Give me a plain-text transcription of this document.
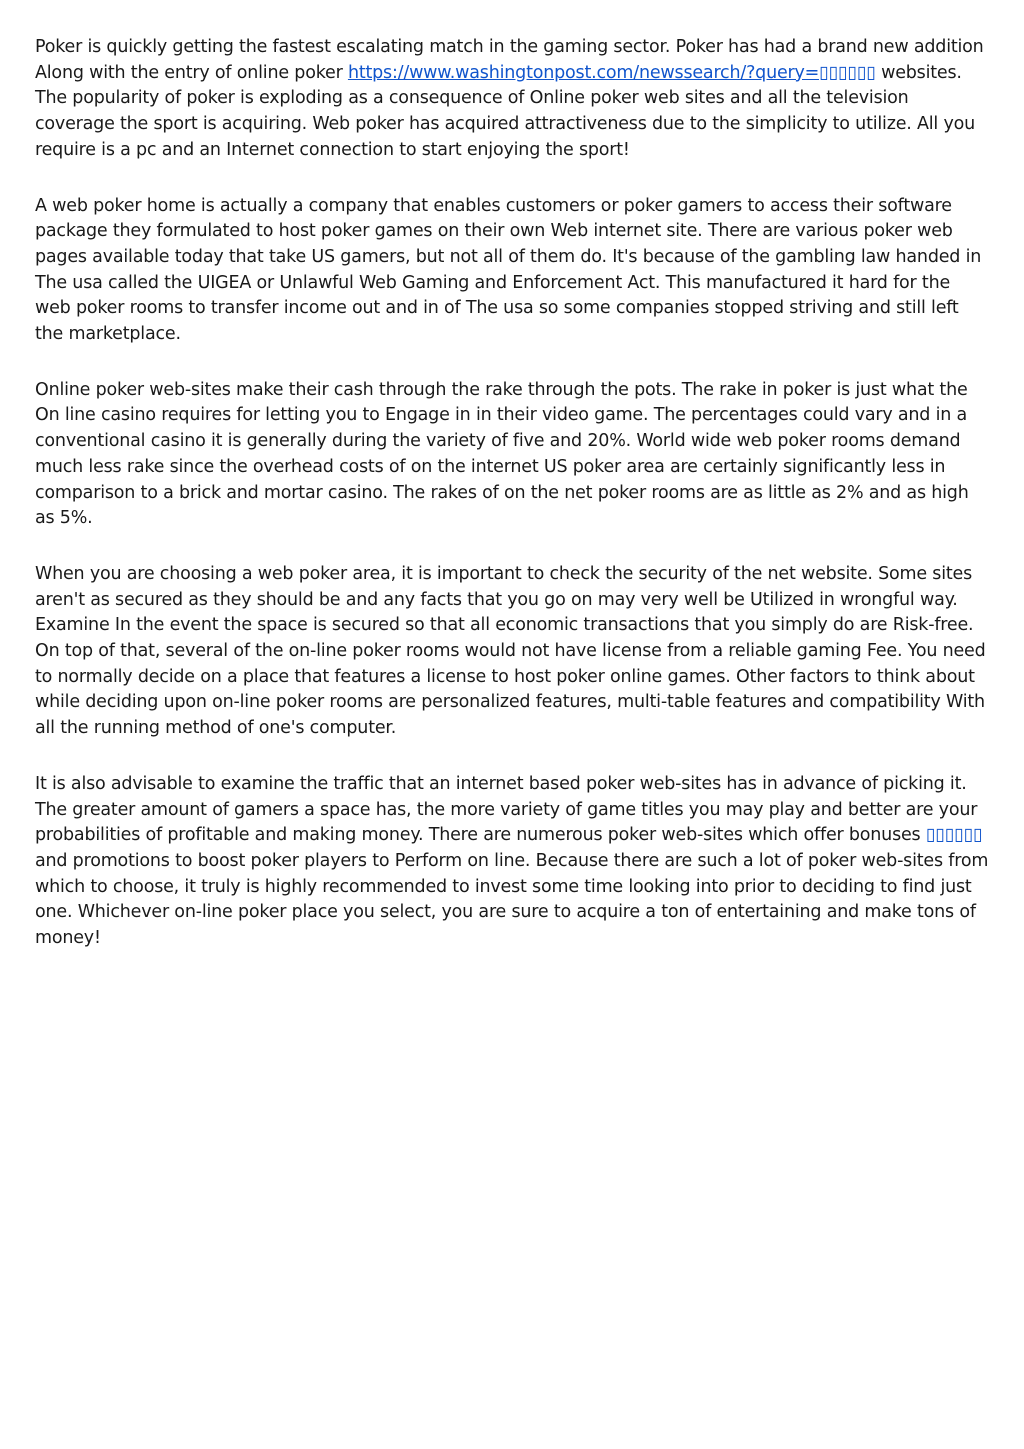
Poker is quickly getting the fastest escalating match in the gaming sector. Poker has had a brand new addition Along with the entry of online poker https://www.washingtonpost.com/newssearch/?query=▯▯▯▯▯▯ websites. The popularity of poker is exploding as a consequence of Online poker web sites and all the television coverage the sport is acquiring. Web poker has acquired attractiveness due to the simplicity to utilize. All you require is a pc and an Internet connection to start enjoying the sport!

A web poker home is actually a company that enables customers or poker gamers to access their software package they formulated to host poker games on their own Web internet site. There are various poker web pages available today that take US gamers, but not all of them do. It's because of the gambling law handed in The usa called the UIGEA or Unlawful Web Gaming and Enforcement Act. This manufactured it hard for the web poker rooms to transfer income out and in of The usa so some companies stopped striving and still left the marketplace.

Online poker web-sites make their cash through the rake through the pots. The rake in poker is just what the On line casino requires for letting you to Engage in in their video game. The percentages could vary and in a conventional casino it is generally during the variety of five and 20%. World wide web poker rooms demand much less rake since the overhead costs of on the internet US poker area are certainly significantly less in comparison to a brick and mortar casino. The rakes of on the net poker rooms are as little as 2% and as high as 5%.

When you are choosing a web poker area, it is important to check the security of the net website. Some sites aren't as secured as they should be and any facts that you go on may very well be Utilized in wrongful way. Examine In the event the space is secured so that all economic transactions that you simply do are Risk-free. On top of that, several of the on-line poker rooms would not have license from a reliable gaming Fee. You need to normally decide on a place that features a license to host poker online games. Other factors to think about while deciding upon on-line poker rooms are personalized features, multi-table features and compatibility With all the running method of one's computer.

It is also advisable to examine the traffic that an internet based poker web-sites has in advance of picking it. The greater amount of gamers a space has, the more variety of game titles you may play and better are your probabilities of profitable and making money. There are numerous poker web-sites which offer bonuses ▯▯▯▯▯▯ and promotions to boost poker players to Perform on line. Because there are such a lot of poker web-sites from which to choose, it truly is highly recommended to invest some time looking into prior to deciding to find just one. Whichever on-line poker place you select, you are sure to acquire a ton of entertaining and make tons of money!
